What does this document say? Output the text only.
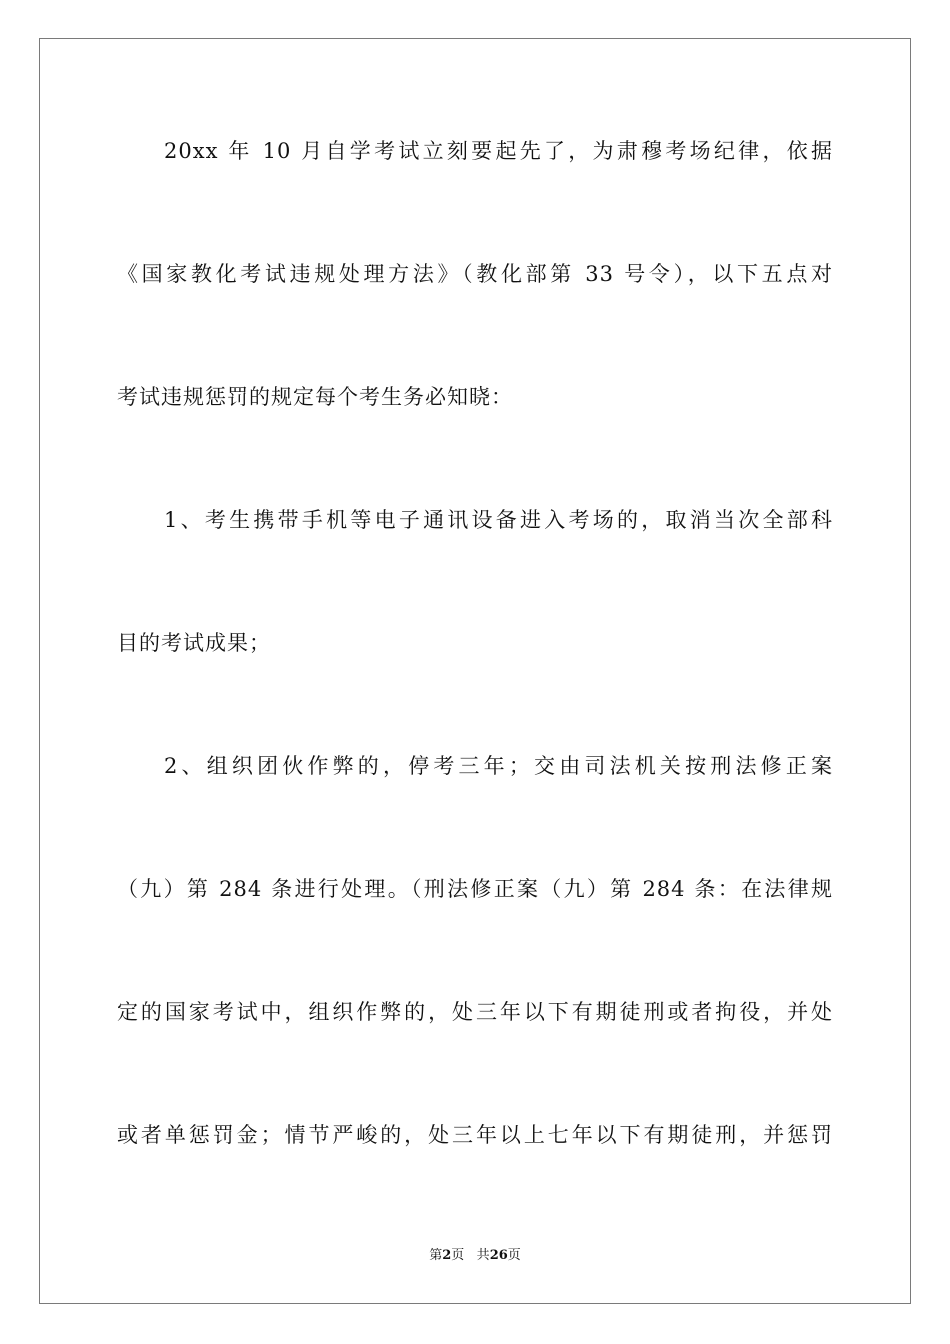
20xx 年 10 月自学考试立刻要起先了，为肃穆考场纪律，依据
《国家教化考试违规处理方法》（教化部第 33 号令），以下五点对
考试违规惩罚的规定每个考生务必知晓：
1、考生携带手机等电子通讯设备进入考场的，取消当次全部科
目的考试成果；
2、组织团伙作弊的，停考三年；交由司法机关按刑法修正案
（九）第 284 条进行处理。（刑法修正案（九）第 284 条：在法律规
定的国家考试中，组织作弊的，处三年以下有期徒刑或者拘役，并处
或者单惩罚金；情节严峻的，处三年以上七年以下有期徒刑，并惩罚
第2页 共26页
